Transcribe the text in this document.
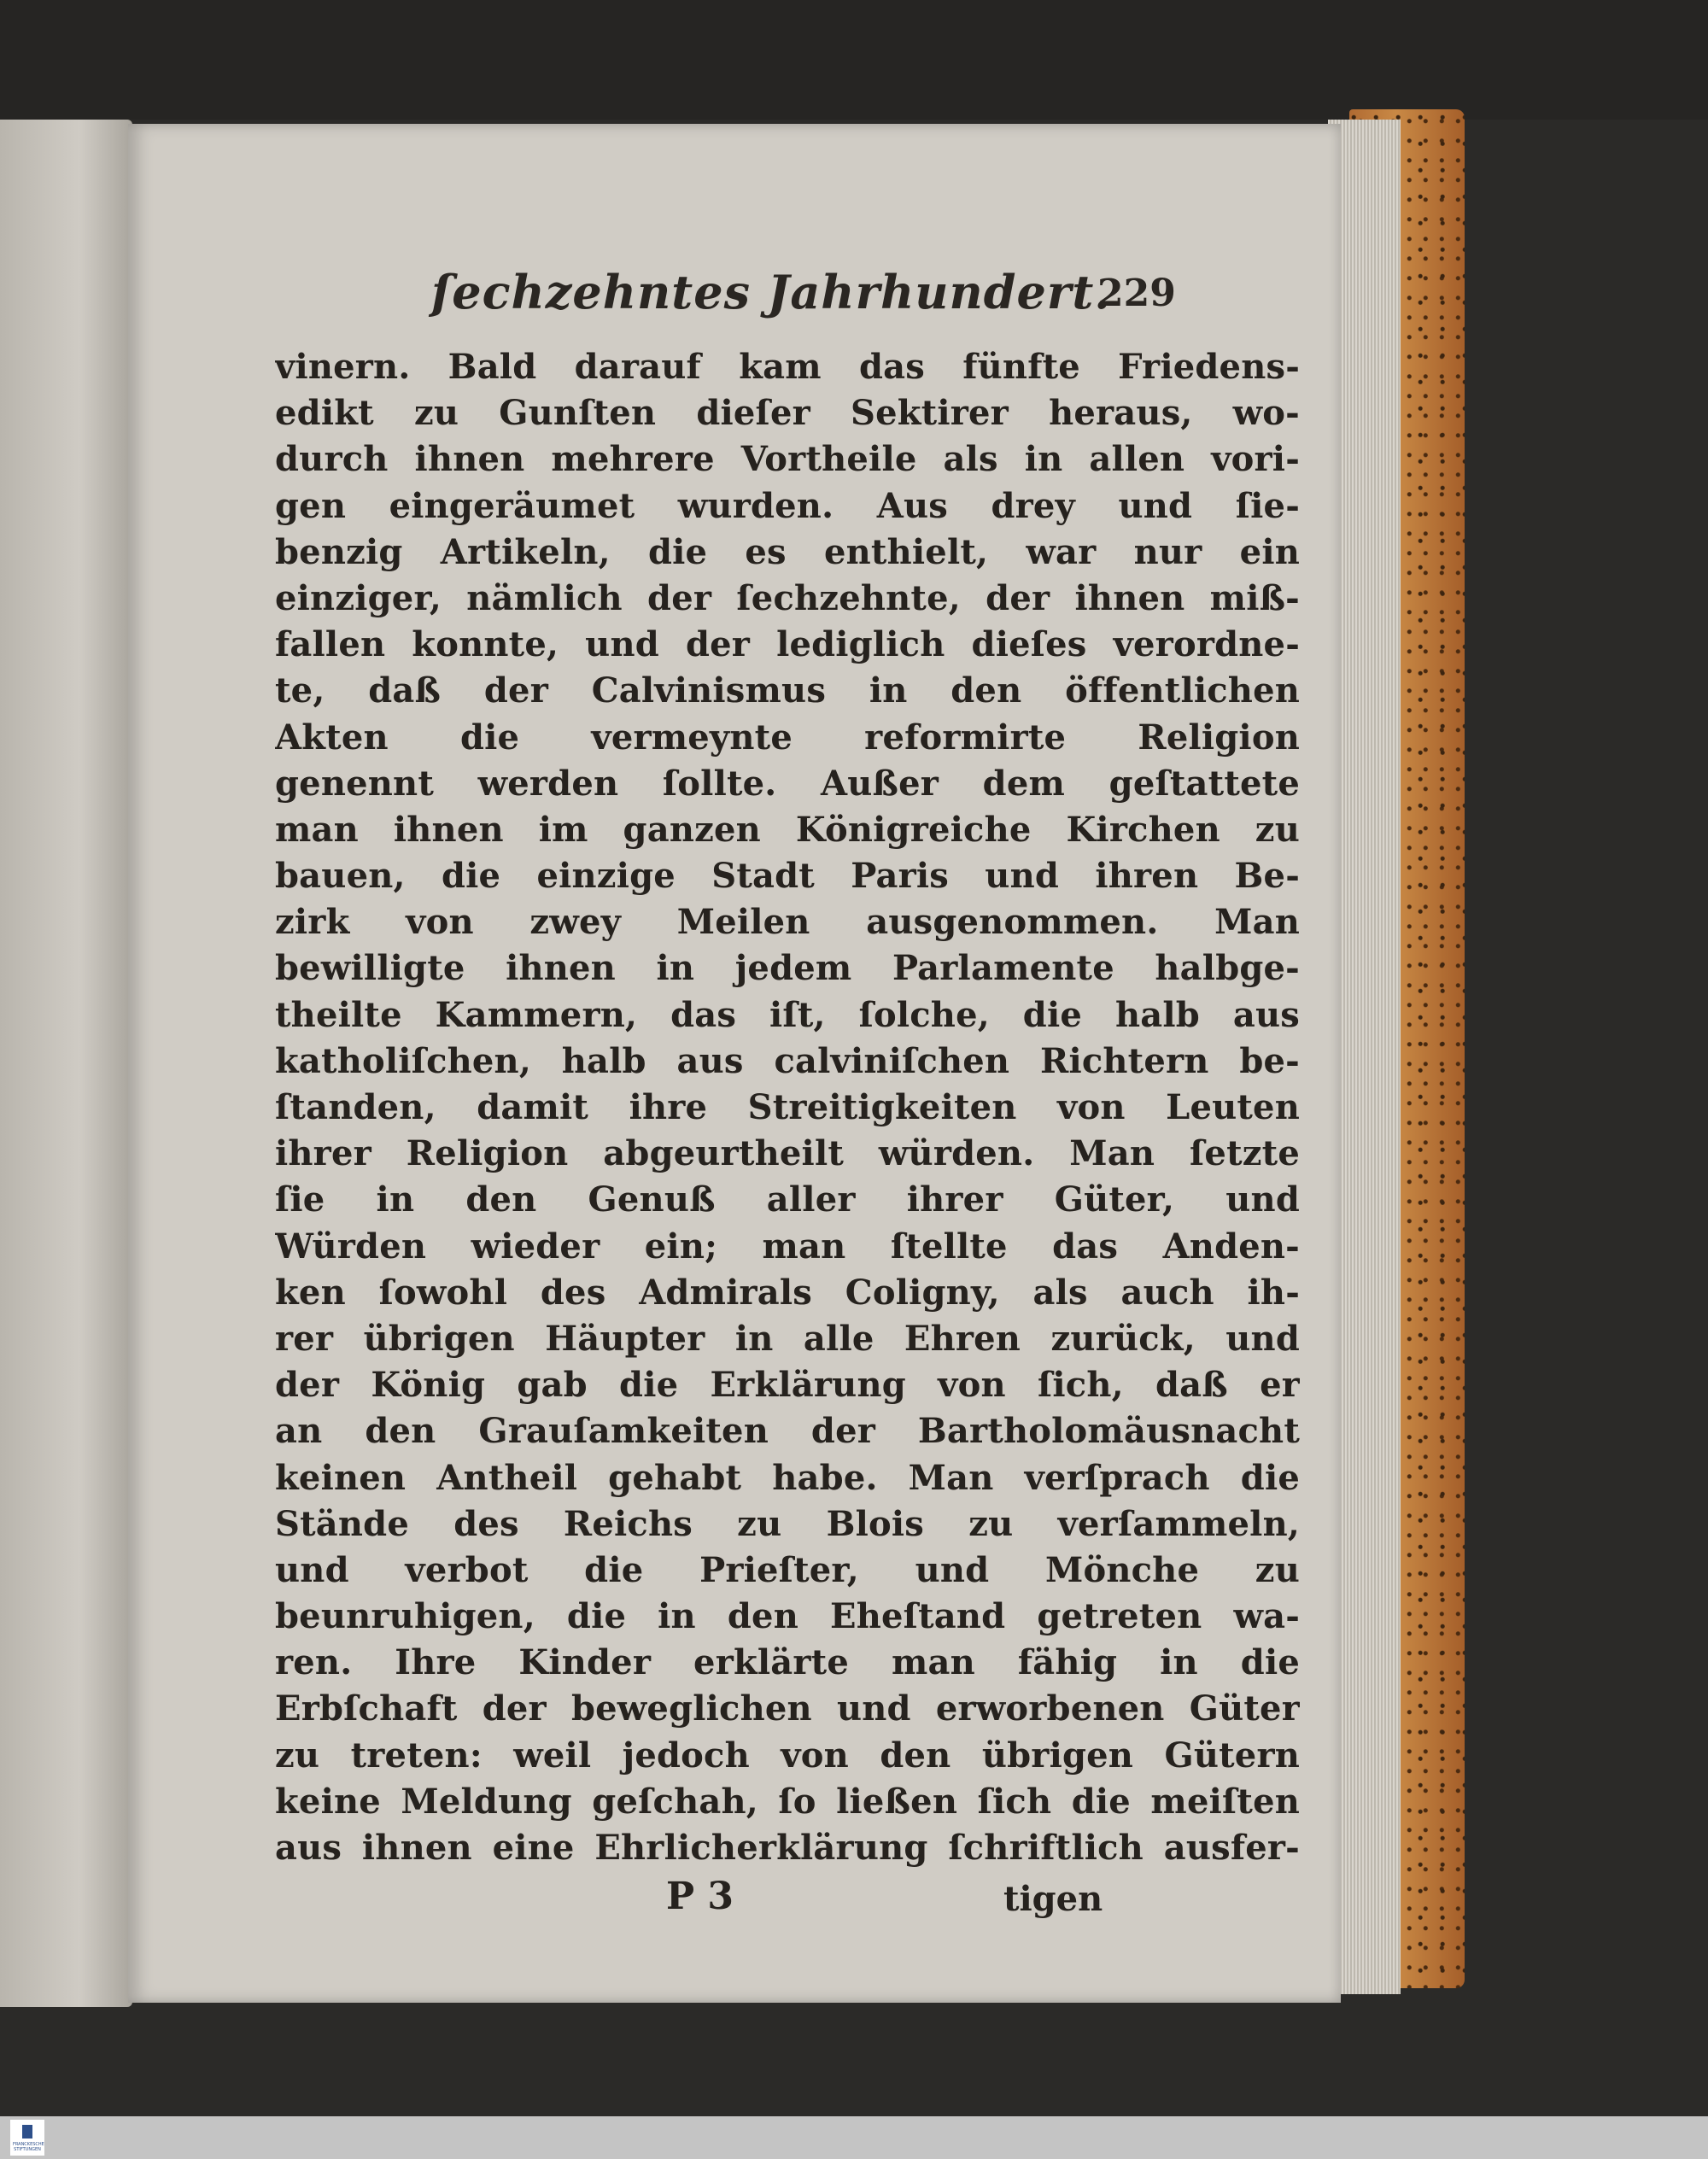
ſechzehntes Jahrhundert.
229
vinern. Bald darauf kam das fünfte Friedens-
edikt zu Gunſten dieſer Sektirer heraus, wo-
durch ihnen mehrere Vortheile als in allen vori-
gen eingeräumet wurden. Aus drey und ſie-
benzig Artikeln, die es enthielt, war nur ein
einziger, nämlich der ſechzehnte, der ihnen miß-
fallen konnte, und der lediglich dieſes verordne-
te, daß der Calvinismus in den öffentlichen
Akten die vermeynte reformirte Religion
genennt werden ſollte. Außer dem geſtattete
man ihnen im ganzen Königreiche Kirchen zu
bauen, die einzige Stadt Paris und ihren Be-
zirk von zwey Meilen ausgenommen. Man
bewilligte ihnen in jedem Parlamente halbge-
theilte Kammern, das iſt, ſolche, die halb aus
katholiſchen, halb aus calviniſchen Richtern be-
ſtanden, damit ihre Streitigkeiten von Leuten
ihrer Religion abgeurtheilt würden. Man ſetzte
ſie in den Genuß aller ihrer Güter, und
Würden wieder ein; man ſtellte das Anden-
ken ſowohl des Admirals Coligny, als auch ih-
rer übrigen Häupter in alle Ehren zurück, und
der König gab die Erklärung von ſich, daß er
an den Grauſamkeiten der Bartholomäusnacht
keinen Antheil gehabt habe. Man verſprach die
Stände des Reichs zu Blois zu verſammeln,
und verbot die Prieſter, und Mönche zu
beunruhigen, die in den Eheſtand getreten wa-
ren. Ihre Kinder erklärte man fähig in die
Erbſchaft der beweglichen und erworbenen Güter
zu treten: weil jedoch von den übrigen Gütern
keine Meldung geſchah, ſo ließen ſich die meiſten
aus ihnen eine Ehrlicherklärung ſchriftlich ausfer-
P 3	tigen
FRANCKESCHE STIFTUNGEN
